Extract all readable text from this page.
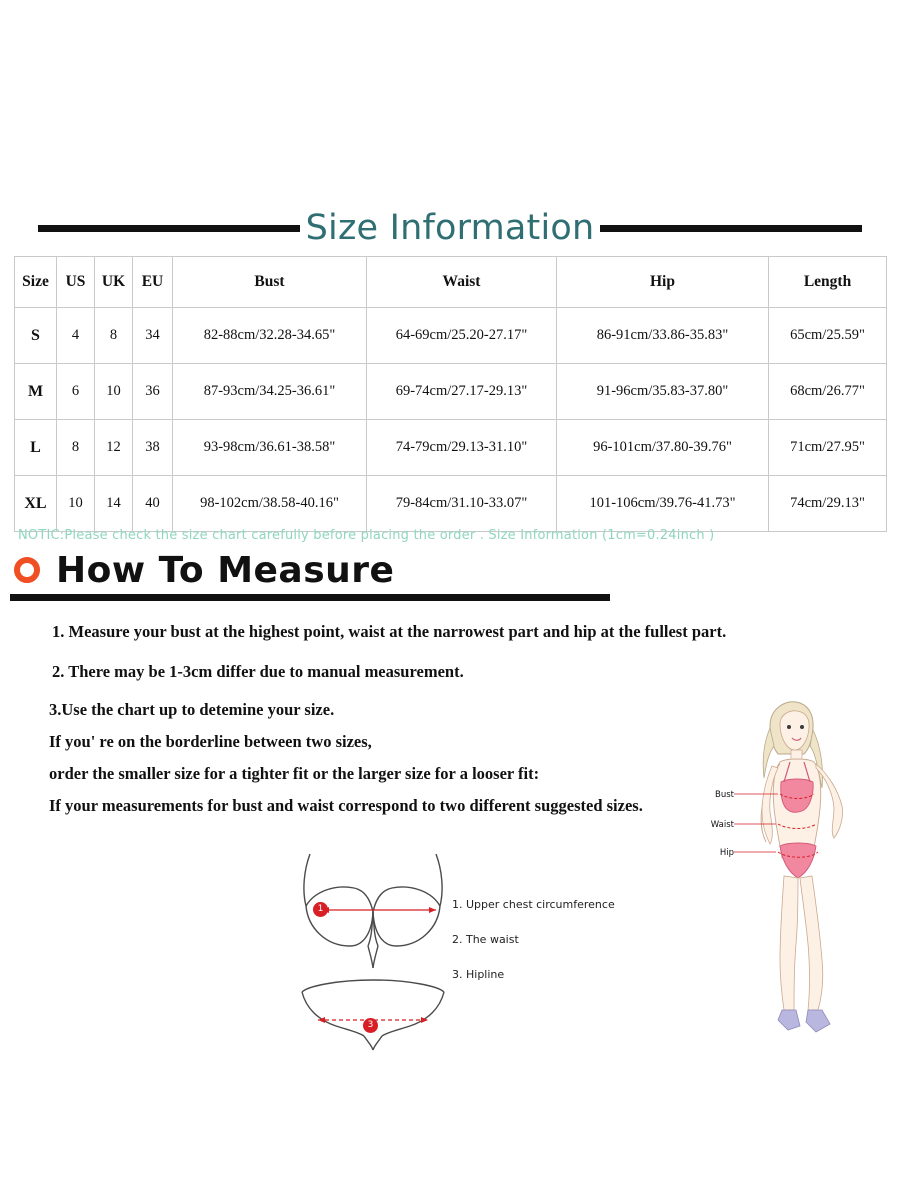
Size Information
Size	US	UK	EU	Bust	Waist	Hip	Length
S	4	8	34	82-88cm/32.28-34.65"	64-69cm/25.20-27.17"	86-91cm/33.86-35.83"	65cm/25.59"
M	6	10	36	87-93cm/34.25-36.61"	69-74cm/27.17-29.13"	91-96cm/35.83-37.80"	68cm/26.77"
L	8	12	38	93-98cm/36.61-38.58"	74-79cm/29.13-31.10"	96-101cm/37.80-39.76"	71cm/27.95"
XL	10	14	40	98-102cm/38.58-40.16"	79-84cm/31.10-33.07"	101-106cm/39.76-41.73"	74cm/29.13"
NOTIC:Please check the size chart carefully before placing the order . Size Information (1cm=0.24inch )
How To Measure
1. Measure your bust at the highest point, waist at the narrowest part and hip at the fullest part.
2. There may be 1-3cm differ due to manual measurement.
3.Use the chart up to detemine your size.
If you' re on the borderline between two sizes,
order the smaller size for a tighter fit or the larger size for a looser fit:
If your measurements for bust and waist correspond to two different suggested sizes.
1
3
1. Upper chest circumference
2. The waist
3. Hipline
Bust
Waist
Hip
